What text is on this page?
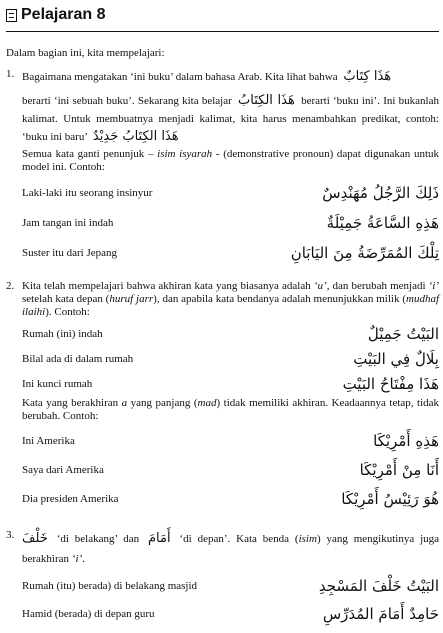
Pelajaran 8
Dalam bagian ini, kita mempelajari:
1. Bagaimana mengatakan ‘ini buku’ dalam bahasa Arab. Kita lihat bahwa هَذَا كِتَابٌ
berarti ‘ini sebuah buku’. Sekarang kita belajar هَذَا الكِتَابُ berarti ‘buku ini’. Ini bukanlah kalimat. Untuk membuatnya menjadi kalimat, kita harus menambahkan predikat, contoh: ‘buku ini baru’ هَذَا الكِتَابُ جَدِيْدٌ
Semua kata ganti penunjuk – isim isyarah - (demonstrative pronoun) dapat digunakan untuk model ini. Contoh:
Laki-laki itu seorang insinyur	ذَلِكَ الرَّجُلُ مُهَنْدِسٌ
Jam tangan ini indah	هَذِهِ السَّاعَةُ جَمِيْلَةٌ
Suster itu dari Jepang	تِلْكَ المُمَرِّضَةُ مِنَ اليَابَانِ
2. Kita telah mempelajari bahwa akhiran kata yang biasanya adalah ‘u’, dan berubah menjadi ‘i’ setelah kata depan (huruf jarr), dan apabila kata bendanya adalah menunjukkan milik (mudhaf ilaihi). Contoh:
Rumah (ini) indah	البَيْتُ جَمِيْلٌ
Bilal ada di dalam rumah	بِلَالٌ فِي البَيْتِ
Ini kunci rumah	هَذَا مِفْتَاحُ البَيْتِ
Kata yang berakhiran a yang panjang (mad) tidak memiliki akhiran. Keadaannya tetap, tidak berubah. Contoh:
Ini Amerika	هَذِهِ أَمْرِيْكَا
Saya dari Amerika	أَنَا مِنْ أَمْرِيْكَا
Dia presiden Amerika	هُوَ رَئِيْسُ أَمْرِيْكَا
3. خَلْفَ ‘di belakang’ dan أَمَامَ ‘di depan’. Kata benda (isim) yang mengikutinya juga berakhiran ‘i’.
Rumah (itu) berada) di belakang masjid	البَيْتُ خَلْفَ المَسْجِدِ
Hamid (berada) di depan guru	حَامِدٌ أَمَامَ المُدَرِّسِ
